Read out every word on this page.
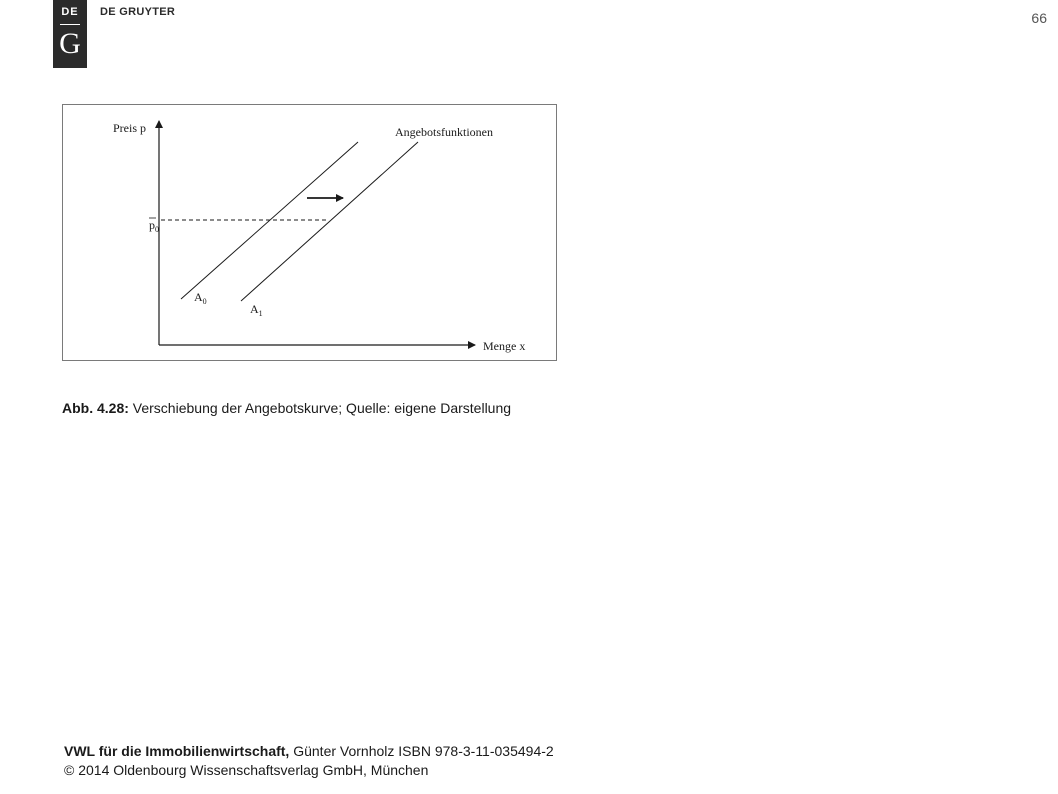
DE
G
DE GRUYTER	66
Preis p
Menge x
Angebotsfunktionen
$p_0$
$A_0$
$A_1$
Abb. 4.28: Verschiebung der Angebotskurve; Quelle: eigene Darstellung
VWL für die Immobilienwirtschaft, Günter Vornholz ISBN 978-3-11-035494-2
© 2014 Oldenbourg Wissenschaftsverlag GmbH, München
